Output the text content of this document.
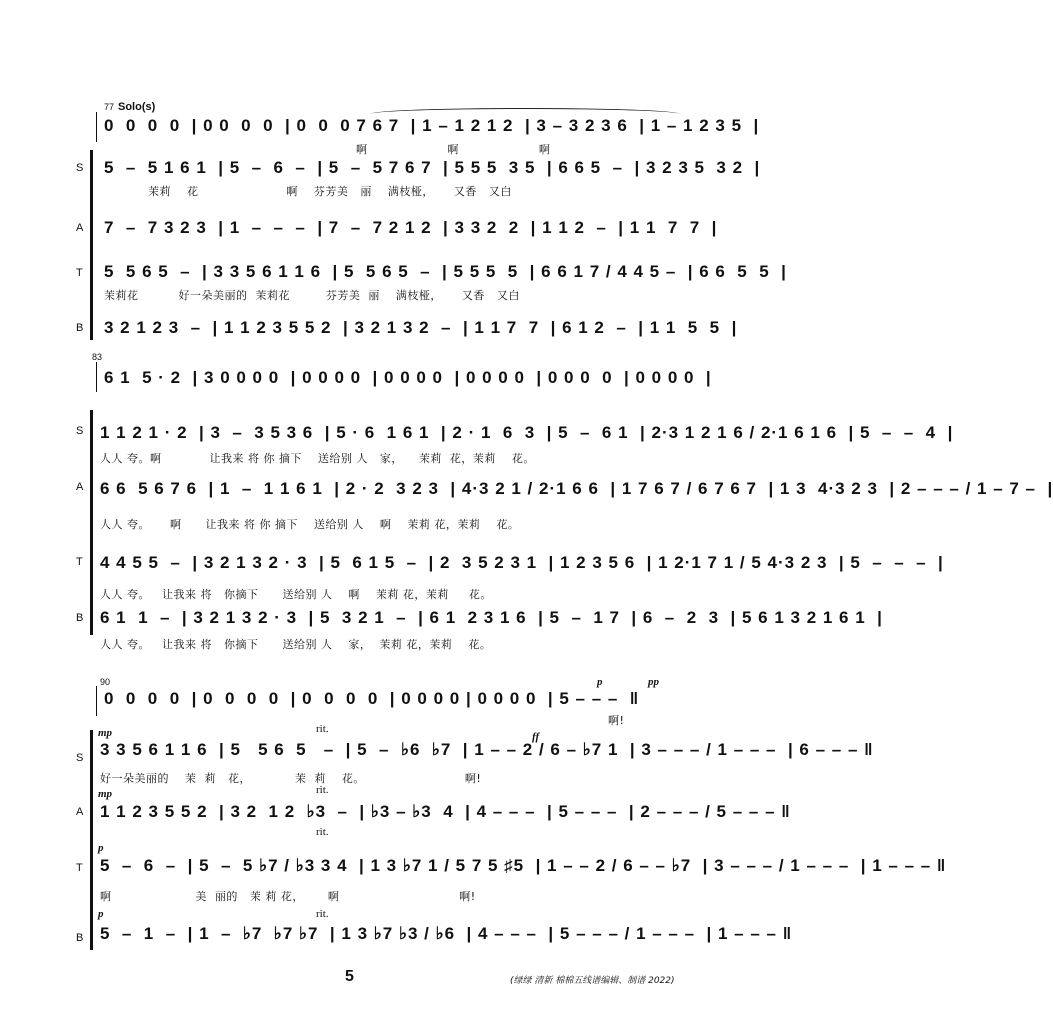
77 Solo(s)
0  0  0  0  | 0 0  0  0  | 0  0  0 7 6 7  | 1 – 1 2 1 2  | 3 – 3 2 3 6  | 1 – 1 2 3 5  |
啊                    啊                    啊
S 5  –  5 1 6 1  | 5  –  6  –  | 5  –  5 7 6 7  | 5 5 5  3 5  | 6 6 5  –  | 3 2 3 5  3 2  |
茉莉    花                      啊    芬芳美   丽    满枝桠，     又香   又白
A 7  –  7 3 2 3  | 1  –  –  –  | 7  –  7 2 1 2  | 3 3 2  2  | 1 1 2  –  | 1 1  7  7  |
T 5  5 6 5  –  | 3 3 5 6 1 1 6  | 5  5 6 5  –  | 5 5 5  5  | 6 6 1 7 / 4 4 5 –  | 6 6  5  5  |
茉莉花          好一朵美丽的  茉莉花         芬芳美  丽    满枝桠，     又香   又白
B 3 2 1 2 3  –  | 1 1 2 3 5 5 2  | 3 2 1 3 2  –  | 1 1 7  7  | 6 1 2  –  | 1 1  5  5  |
83
6 1  5 · 2  | 3 0 0 0 0  | 0 0 0 0  | 0 0 0 0  | 0 0 0 0  | 0 0 0  0  | 0 0 0 0  |
S 1 1 2 1 · 2  | 3  –  3 5 3 6  | 5 · 6  1 6 1  | 2 · 1  6  3  | 5  –  6 1  | 2·3 1 2 1 6 / 2·1 6 1 6  | 5  –  –  4  |
人人 夸。啊            让我来 将 你 摘下    送给别 人   家，    茉莉  花，茉莉    花。
A 6 6  5 6 7 6  | 1  –  1 1 6 1  | 2 · 2  3 2 3  | 4·3 2 1 / 2·1 6 6  | 1 7 6 7 / 6 7 6 7  | 1 3  4·3 2 3  | 2 – – – / 1 – 7 –  |
人人 夸。     啊      让我来 将 你 摘下    送给别 人    啊    茉莉 花，茉莉    花。
T 4 4 5 5  –  | 3 2 1 3 2 · 3  | 5  6 1 5  –  | 2  3 5 2 3 1  | 1 2 3 5 6  | 1 2·1 7 1 / 5 4·3 2 3  | 5  –  –  –  |
人人 夸。   让我来 将   你摘下      送给别 人    啊    茉莉 花，茉莉     花。
B 6 1  1  –  | 3 2 1 3 2 · 3  | 5  3 2 1  –  | 6 1  2 3 1 6  | 5  –  1 7  | 6  –  2  3  | 5 6 1 3 2 1 6 1  |
人人 夸。   让我来 将   你摘下      送给别 人    家，  茉莉 花，茉莉    花。
90
0  0  0  0  | 0  0  0  0  | 0  0  0  0  | 0 0 0 0 | 0 0 0 0  | 5 – – –  ‖
p	pp
啊!
mp	rit.
ff
S 3 3 5 6 1 1 6  | 5   5 6  5   –  | 5  –  ♭6  ♭7  | 1 – – 2 / 6 – ♭7 1  | 3 – – – / 1 – – –  | 6 – – – ‖
好一朵美丽的    茉  莉   花，           茉  莉    花。                         啊!
mp	rit.
A 1 1 2 3 5 5 2  | 3 2  1 2  ♭3  –  | ♭3 – ♭3  4  | 4 – – –  | 5 – – –  | 2 – – – / 5 – – – ‖
p
rit.
T 5  –  6  –  | 5  –  5 ♭7 / ♭3 3 4  | 1 3 ♭7 1 / 5 7 5 ♯5  | 1 – – 2 / 6 – – ♭7  | 3 – – – / 1 – – –  | 1 – – – ‖
啊                     美  丽的   茉 莉 花，      啊                              啊!
p	rit.
B 5  –  1  –  | 1  –  ♭7  ♭7 ♭7  | 1 3 ♭7 ♭3 / ♭6  | 4 – – –  | 5 – – – / 1 – – –  | 1 – – – ‖
5	(绿绿 清新 棉棉五线谱编辑、制谱 2022)
